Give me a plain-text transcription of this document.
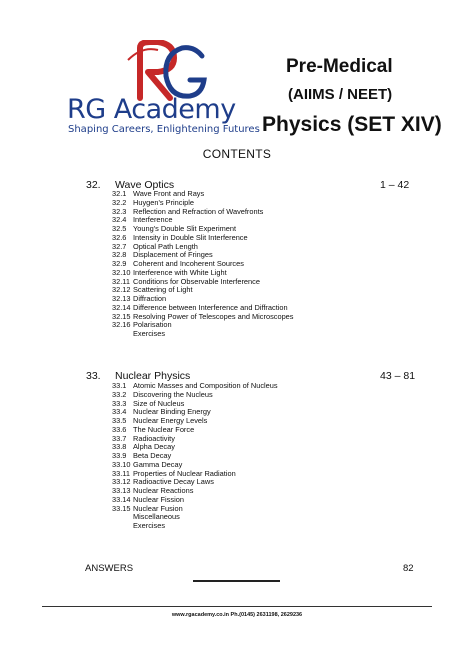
RG Academy
Shaping Careers, Enlightening Futures
Pre-Medical
(AIIMS / NEET)
Physics (SET XIV)
CONTENTS
32. Wave Optics	1 – 42
32.1 Wave Front and Rays
32.2 Huygen's Principle
32.3 Reflection and Refraction of Wavefronts
32.4 Interference
32.5 Young's Double Slit Experiment
32.6 Intensity in Double Slit Interference
32.7 Optical Path Length
32.8 Displacement of Fringes
32.9 Coherent and Incoherent Sources
32.10 Interference with White Light
32.11 Conditions for Observable Interference
32.12 Scattering of Light
32.13 Diffraction
32.14 Difference between Interference and Diffraction
32.15 Resolving Power of Telescopes and Microscopes
32.16 Polarisation
Exercises
33. Nuclear Physics	43 – 81
33.1 Atomic Masses and Composition of Nucleus
33.2 Discovering the Nucleus
33.3 Size of Nucleus
33.4 Nuclear Binding Energy
33.5 Nuclear Energy Levels
33.6 The Nuclear Force
33.7 Radioactivity
33.8 Alpha Decay
33.9 Beta Decay
33.10 Gamma Decay
33.11 Properties of Nuclear Radiation
33.12 Radioactive Decay Laws
33.13 Nuclear Reactions
33.14 Nuclear Fission
33.15 Nuclear Fusion
Miscellaneous
Exercises
ANSWERS	82
www.rgacademy.co.in Ph.(0145) 2631198, 2629236
